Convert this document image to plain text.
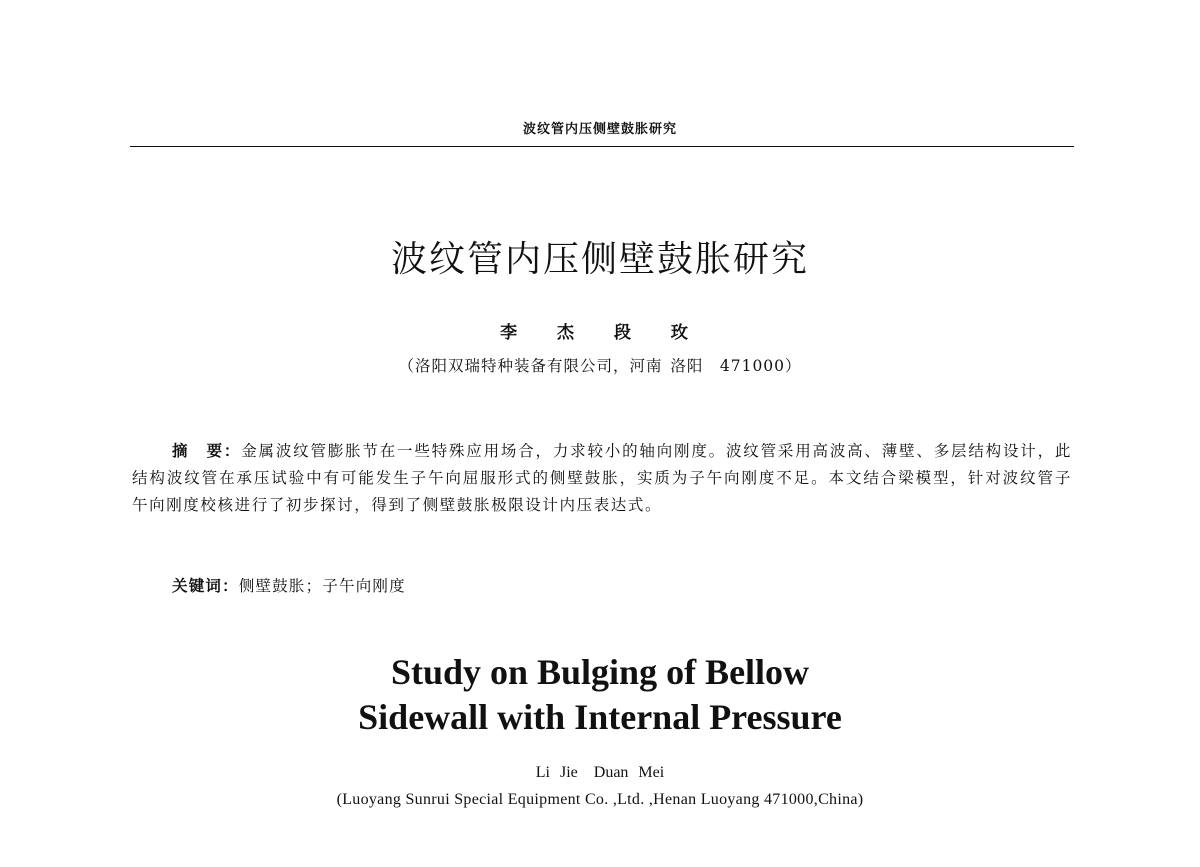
波纹管内压侧壁鼓胀研究
波纹管内压侧壁鼓胀研究
李 杰 段 玫
（洛阳双瑞特种装备有限公司，河南 洛阳　471000）
摘　要：金属波纹管膨胀节在一些特殊应用场合，力求较小的轴向刚度。波纹管采用高波高、薄壁、多层结构设计，此结构波纹管在承压试验中有可能发生子午向屈服形式的侧壁鼓胀，实质为子午向刚度不足。本文结合梁模型，针对波纹管子午向刚度校核进行了初步探讨，得到了侧壁鼓胀极限设计内压表达式。
关键词：侧壁鼓胀；子午向刚度
Study on Bulging of Bellow
Sidewall with Internal Pressure
Li Jie　Duan Mei
(Luoyang Sunrui Special Equipment Co. ,Ltd. ,Henan Luoyang 471000,China)
